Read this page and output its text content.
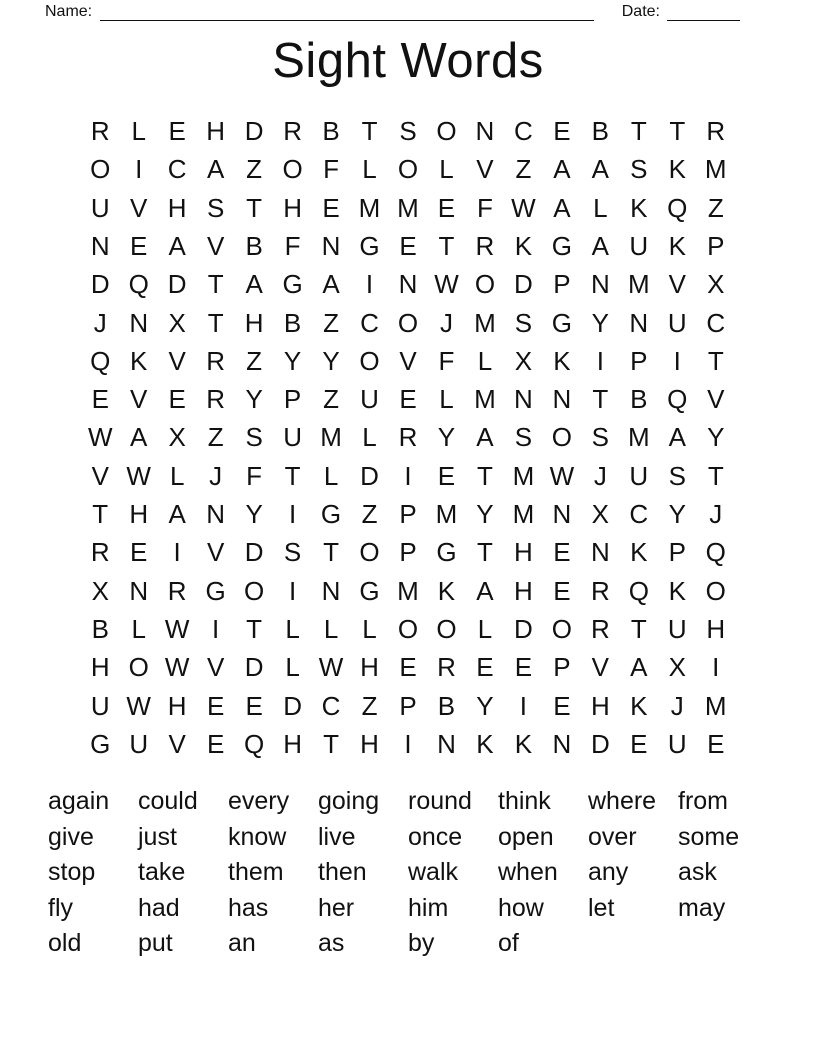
Name:	Date:
Sight Words
R L E H D R B T S O N C E B T T R
O I C A Z O F L O L V Z A A S K M
U V H S T H E M M E F W A L K Q Z
N E A V B F N G E T R K G A U K P
D Q D T A G A	I N W O D P N M V X
J N X T H B Z C O J M S G Y N U C
Q K V R Z Y Y O V F L X K	I	P	I	T
E V E R Y P Z U E L M N N T B Q V
W A X Z S U M L R Y A S O S M A Y
V W L J F T L D I	E T M W J U S T
T H A N Y	I G Z P M Y M N X C Y J
R E	I	V D S T O P G T H E N K P Q
X N R G O I N G M K A H E R Q K O
B L W I	T L L L O O L D O R T U H
H O W V D L W H E R E E P V A X	I
U W H E E D C Z P B Y	I	E H K J M
G U V E Q H T H I N K K N D E U E
again	could	every	going	round	think	where from
give	just	know	live	once	open	over	some
stop	take	them	then	walk	when	any	ask
fly	had	has	her	him	how	let	may
old	put	an	as	by	of
